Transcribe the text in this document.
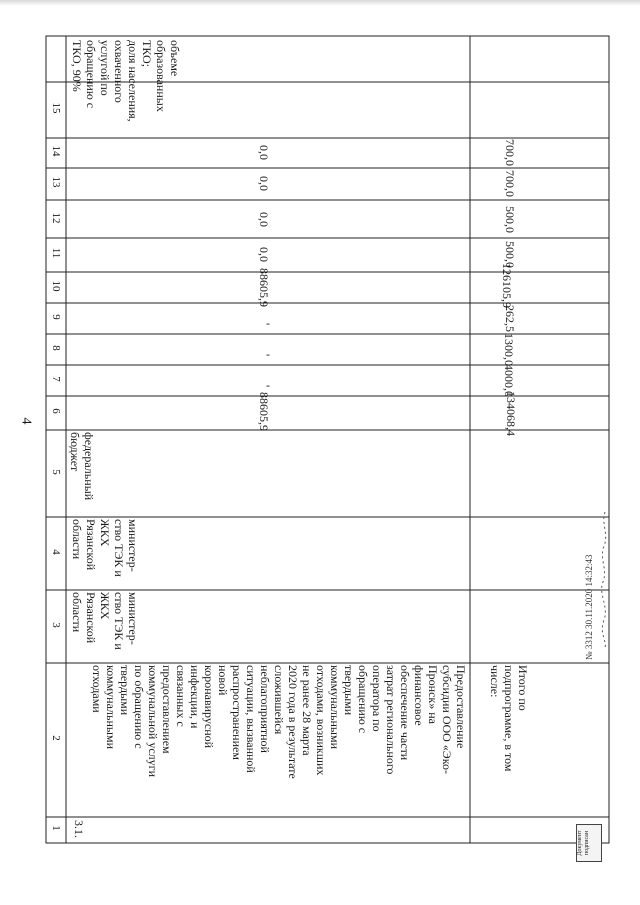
4
1
2
3
4
5
6
7
8
9
10
11
12
13
14
15
3.1.
Предоставление
субсидии ООО «Эко-
Пронск» на
финансовое
обеспечение части
затрат регионального
оператора по
обращению с
твердыми
коммунальными
отходами, возникших
не ранее 28 марта
2020 года в результате
сложившейся
неблагоприятной
ситуации, вызванной
распространением
новой
коронавирусной
инфекции, и
связанных с
предоставлением
коммунальной услуги
по обращению с
твердыми
коммунальными
отходами
министер-
ство ТЭК и
ЖКХ
Рязанской
области
министер-
ство ТЭК и
ЖКХ
Рязанской
области
федеральный
бюджет
объеме
образованных
ТКО;
доля населения,
охваченного
услугой по
обращению с
ТКО, 90%
88605,9
-
-
-
88605,9
0,0
0,0
0,0
0,0
Итого по
подпрограмме, в том
числе:
134068,4
4000,0
1300,0
262,5
126105,9
500,0
500,0
700,0
700,0
№ 3312 30.11.2020 14:32:43
Документ подписан
